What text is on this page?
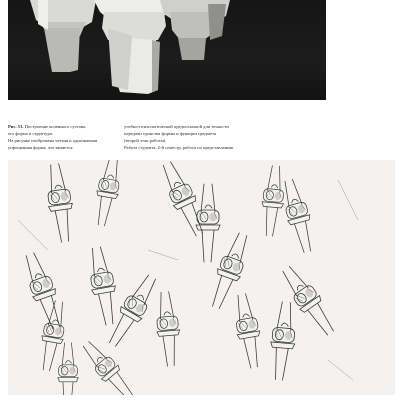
Рис. 53. Построение коленного сустава,
его форма и структура.
На рисунке изображена четкая и однозначная
упрощенная форма, что является
учебно-психологической предпосылкой для точности
передачи единства формы и функции предмета
(второй этап работы).
Работа студента, 2-й семестр, работа по представлению.
